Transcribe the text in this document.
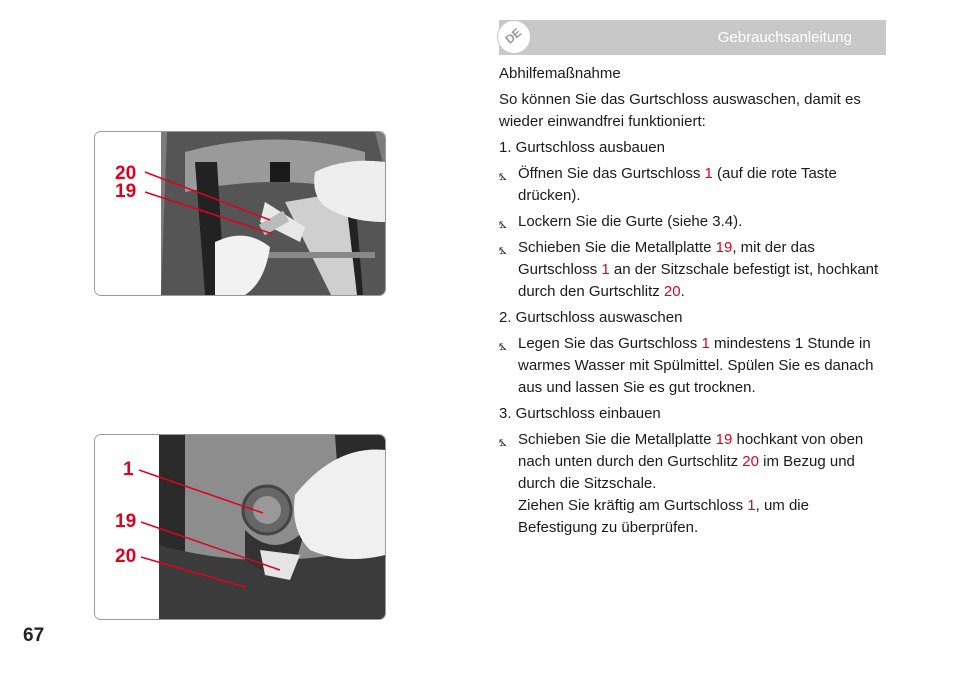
DE	Gebrauchsanleitung
20
19
1
19
20
Abhilfemaßnahme
So können Sie das Gurtschloss auswaschen, damit es wieder einwandfrei funktioniert:
1. Gurtschloss ausbauen
⦩ Öffnen Sie das Gurtschloss 1 (auf die rote Taste drücken).
⦩ Lockern Sie die Gurte (siehe 3.4).
⦩ Schieben Sie die Metallplatte 19, mit der das Gurtschloss 1 an der Sitzschale befestigt ist, hochkant durch den Gurtschlitz 20.
2. Gurtschloss auswaschen
⦩ Legen Sie das Gurtschloss 1 mindestens 1 Stunde in warmes Wasser mit Spülmittel. Spülen Sie es danach aus und lassen Sie es gut trocknen.
3. Gurtschloss einbauen
⦩ Schieben Sie die Metallplatte 19 hochkant von oben nach unten durch den Gurtschlitz 20 im Bezug und durch die Sitzschale.
Ziehen Sie kräftig am Gurtschloss 1, um die Befestigung zu überprüfen.
67
